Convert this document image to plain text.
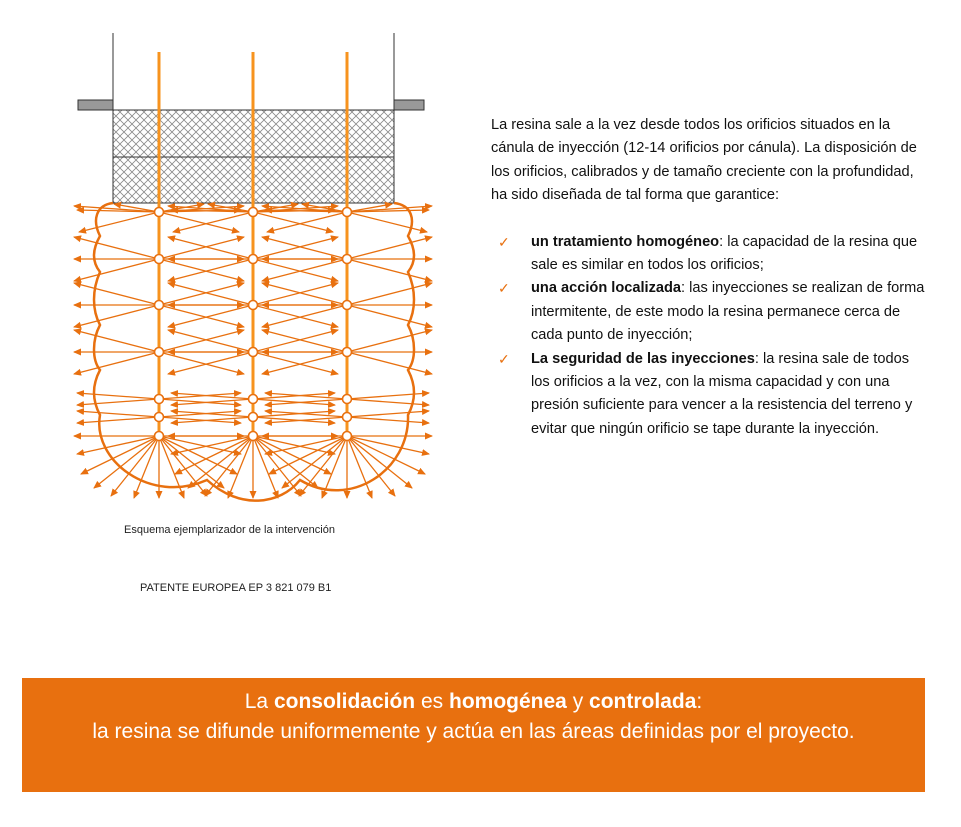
Esquema ejemplarizador de la intervención
PATENTE EUROPEA EP 3 821 079 B1

La resina sale a la vez desde todos los orificios situados en la cánula de inyección (12-14 orificios por cánula). La disposición de los orificios, calibrados y de tamaño creciente con la profundidad, ha sido diseñada de tal forma que garantice:

✓ un tratamiento homogéneo: la capacidad de la resina que sale es similar en todos los orificios;
✓ una acción localizada: las inyecciones se realizan de forma intermitente, de este modo la resina permanece cerca de cada punto de inyección;
✓ La seguridad de las inyecciones: la resina sale de todos los orificios a la vez, con la misma capacidad y con una presión suficiente para vencer a la resistencia del terreno y evitar que ningún orificio se tape durante la inyección.
La consolidación es homogénea y controlada:
la resina se difunde uniformemente y actúa en las áreas definidas por el proyecto.
